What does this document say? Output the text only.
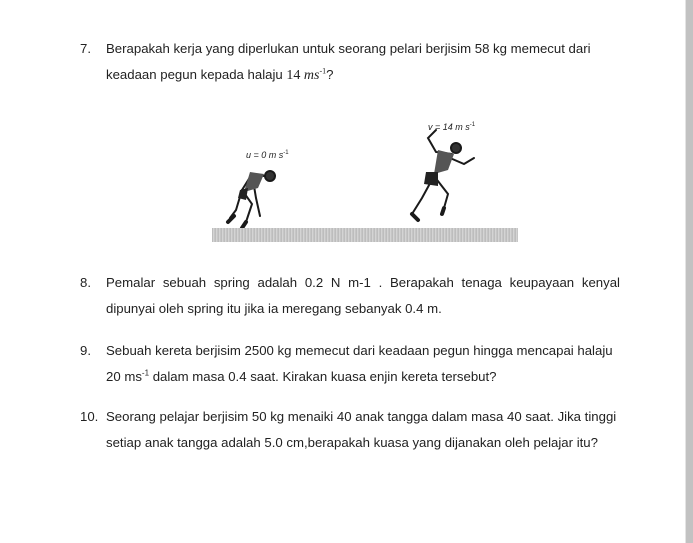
7. Berapakah kerja yang diperlukan untuk seorang pelari berjisim 58 kg memecut dari
keadaan pegun kepada halaju 14 $ms^{-1}$?
u = 0 m $s^{-1}$
v = 14 m $s^{-1}$
8. Pemalar sebuah spring adalah 0.2 N m-1 . Berapakah tenaga keupayaan kenyal
dipunyai oleh spring itu jika ia meregang sebanyak 0.4 m.
9. Sebuah kereta berjisim 2500 kg memecut dari keadaan pegun hingga mencapai halaju
20 $ms^{-1}$ dalam masa 0.4 saat. Kirakan kuasa enjin kereta tersebut?
10. Seorang pelajar berjisim 50 kg menaiki 40 anak tangga dalam masa 40 saat. Jika tinggi
setiap anak tangga adalah 5.0 cm,berapakah kuasa yang dijanakan oleh pelajar itu?
